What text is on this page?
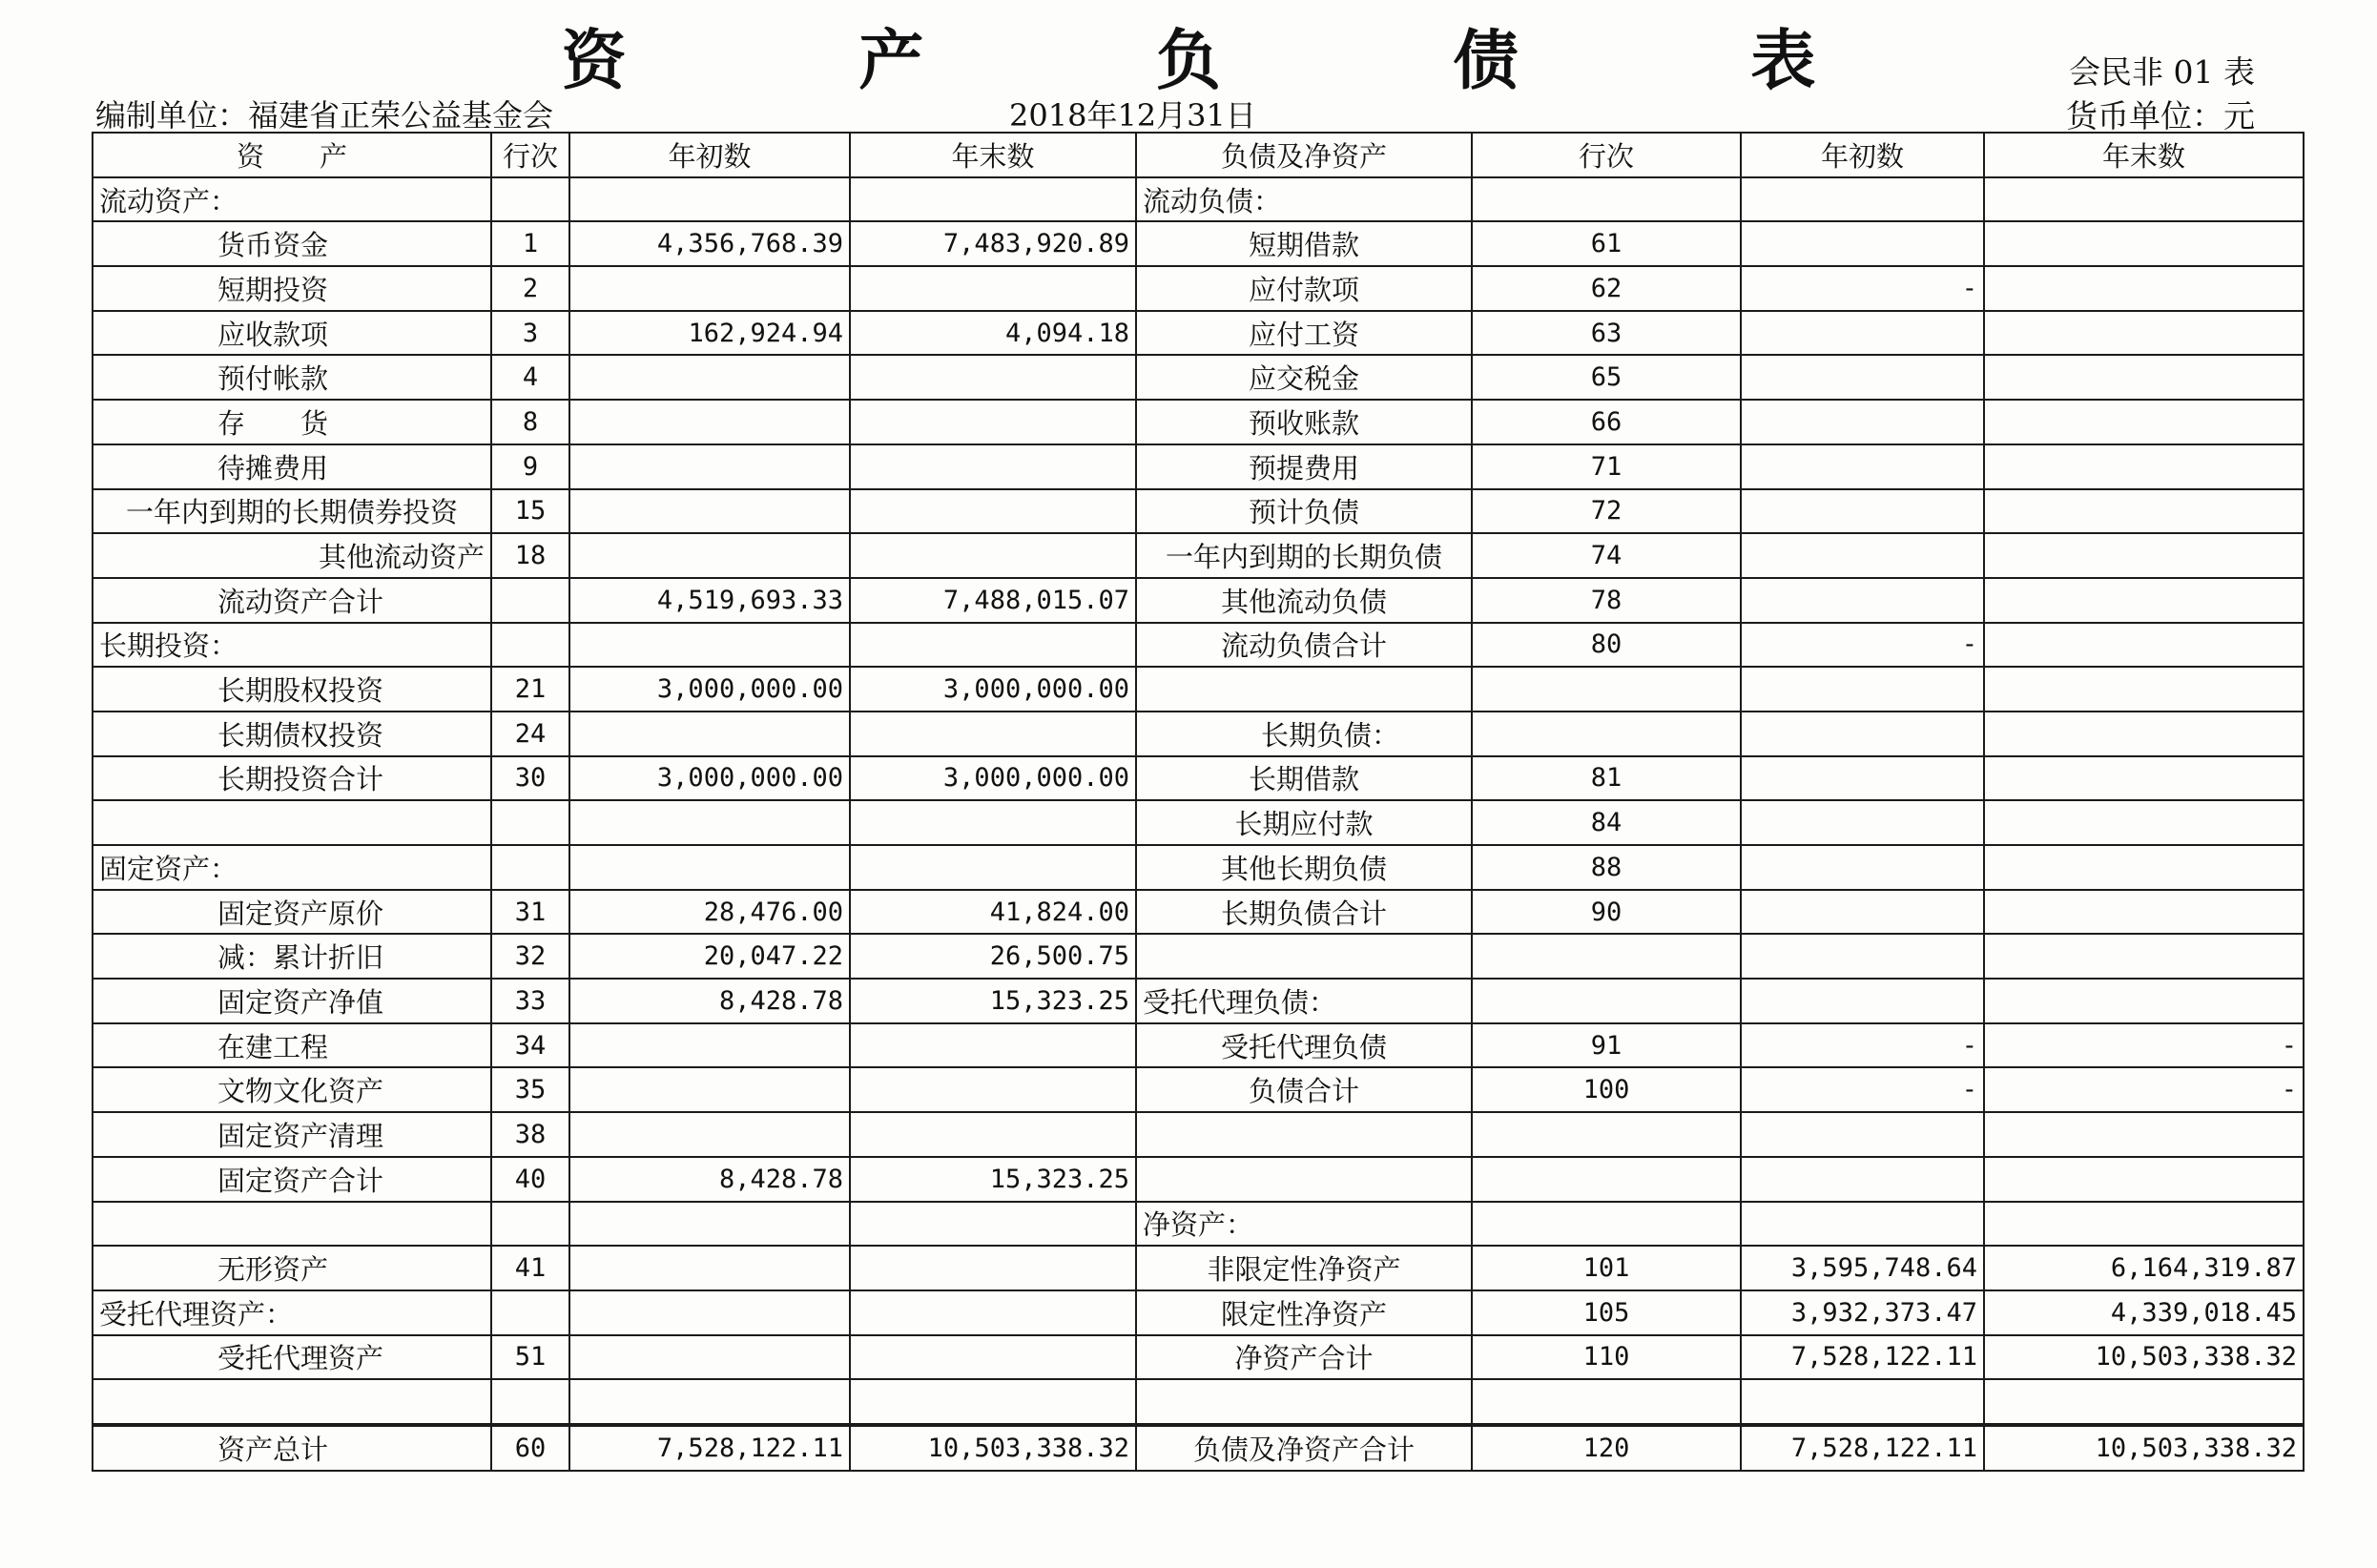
资 产 负 债 表	会民非 01 表
编制单位：福建省正荣公益基金会	2018年12月31日	货币单位：元
资　　产	行次	年初数	年末数	负债及净资产	行次	年初数	年末数
流动资产：				流动负债：			
货币资金	1	4,356,768.39	7,483,920.89	短期借款	61		
短期投资	2			应付款项	62	-	
应收款项	3	162,924.94	4,094.18	应付工资	63		
预付帐款	4			应交税金	65		
存　　货	8			预收账款	66		
待摊费用	9			预提费用	71		
一年内到期的长期债券投资	15			预计负债	72		
其他流动资产	18			一年内到期的长期负债	74		
流动资产合计		4,519,693.33	7,488,015.07	其他流动负债	78		
长期投资：				流动负债合计	80	-	
长期股权投资	21	3,000,000.00	3,000,000.00				
长期债权投资	24			长期负债：			
长期投资合计	30	3,000,000.00	3,000,000.00	长期借款	81		
				长期应付款	84		
固定资产：				其他长期负债	88		
固定资产原价	31	28,476.00	41,824.00	长期负债合计	90		
减：累计折旧	32	20,047.22	26,500.75				
固定资产净值	33	8,428.78	15,323.25	受托代理负债：			
在建工程	34			受托代理负债	91	-	-
文物文化资产	35			负债合计	100	-	-
固定资产清理	38						
固定资产合计	40	8,428.78	15,323.25				
				净资产：			
无形资产	41			非限定性净资产	101	3,595,748.64	6,164,319.87
受托代理资产：				限定性净资产	105	3,932,373.47	4,339,018.45
受托代理资产	51			净资产合计	110	7,528,122.11	10,503,338.32

资产总计	60	7,528,122.11	10,503,338.32	负债及净资产合计	120	7,528,122.11	10,503,338.32
